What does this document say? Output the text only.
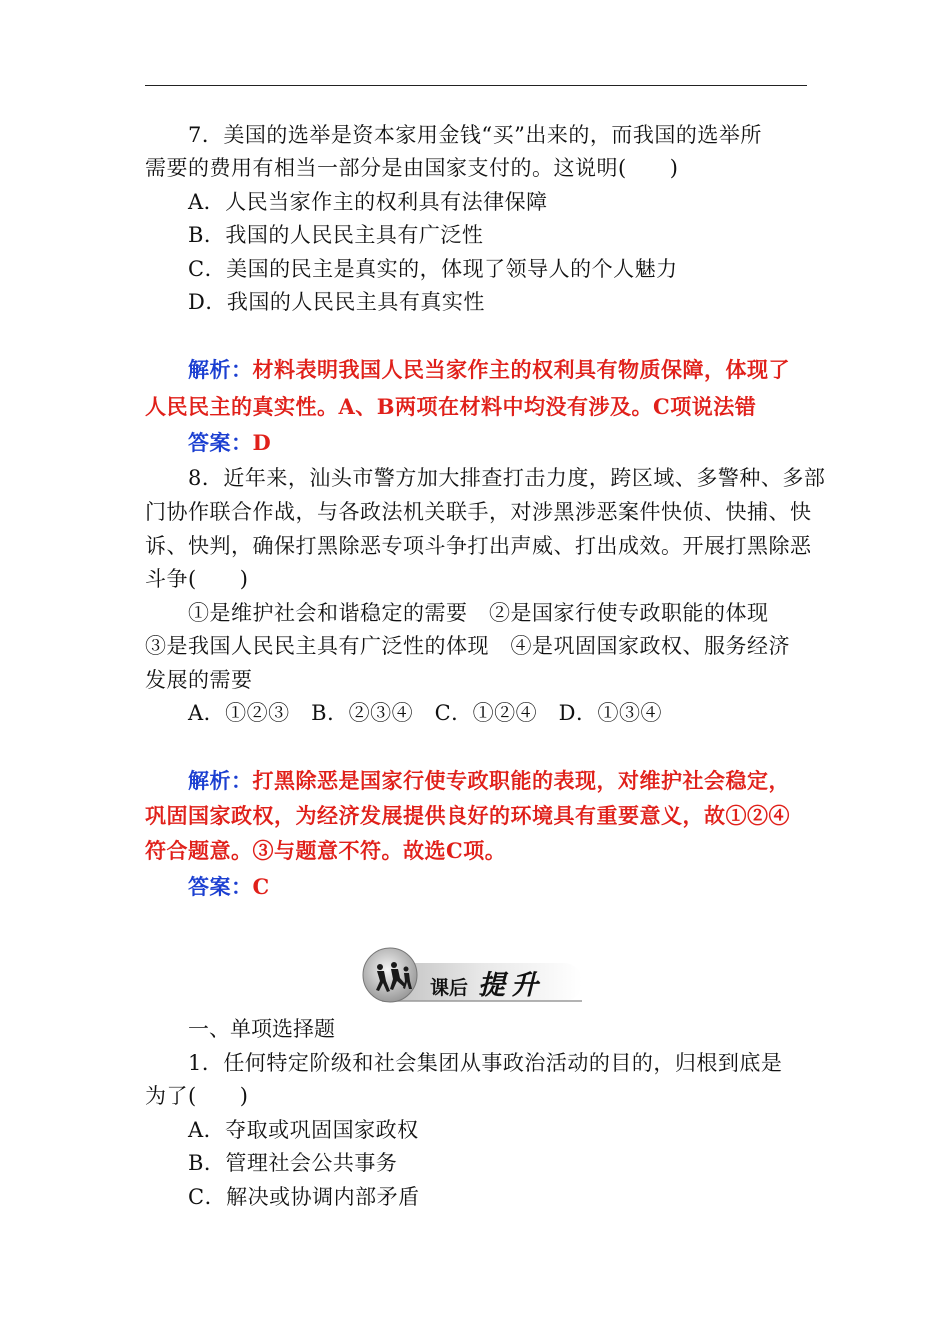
7．美国的选举是资本家用金钱“买”出来的，而我国的选举所
需要的费用有相当一部分是由国家支付的。这说明(　　)
A．人民当家作主的权利具有法律保障
B．我国的人民民主具有广泛性
C．美国的民主是真实的，体现了领导人的个人魅力
D．我国的人民民主具有真实性
解析：材料表明我国人民当家作主的权利具有物质保障，体现了
人民民主的真实性。A、B两项在材料中均没有涉及。C项说法错
答案：D
8．近年来，汕头市警方加大排查打击力度，跨区域、多警种、多部
门协作联合作战，与各政法机关联手，对涉黑涉恶案件快侦、快捕、快
诉、快判，确保打黑除恶专项斗争打出声威、打出成效。开展打黑除恶
斗争(　　)
①是维护社会和谐稳定的需要　②是国家行使专政职能的体现
③是我国人民民主具有广泛性的体现　④是巩固国家政权、服务经济
发展的需要
A．①②③　B．②③④　C．①②④　D．①③④
解析：打黑除恶是国家行使专政职能的表现，对维护社会稳定，
巩固国家政权，为经济发展提供良好的环境具有重要意义，故①②④
符合题意。③与题意不符。故选C项。
答案：C
课后 提升
一、单项选择题
1．任何特定阶级和社会集团从事政治活动的目的，归根到底是
为了(　　)
A．夺取或巩固国家政权
B．管理社会公共事务
C．解决或协调内部矛盾
